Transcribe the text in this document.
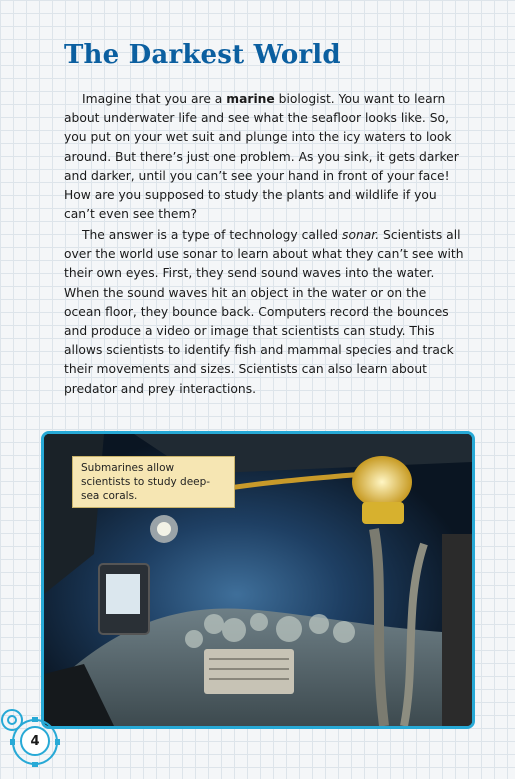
The Darkest World

Imagine that you are a marine biologist. You want to learn about underwater life and see what the seafloor looks like. So, you put on your wet suit and plunge into the icy waters to look around. But there’s just one problem. As you sink, it gets darker and darker, until you can’t see your hand in front of your face! How are you supposed to study the plants and wildlife if you can’t even see them?

The answer is a type of technology called sonar. Scientists all over the world use sonar to learn about what they can’t see with their own eyes. First, they send sound waves into the water. When the sound waves hit an object in the water or on the ocean floor, they bounce back. Computers record the bounces and produce a video or image that scientists can study. This allows scientists to identify fish and mammal species and track their movements and sizes. Scientists can also learn about predator and prey interactions.

Submarines allow scientists to study deep-sea corals.
4
